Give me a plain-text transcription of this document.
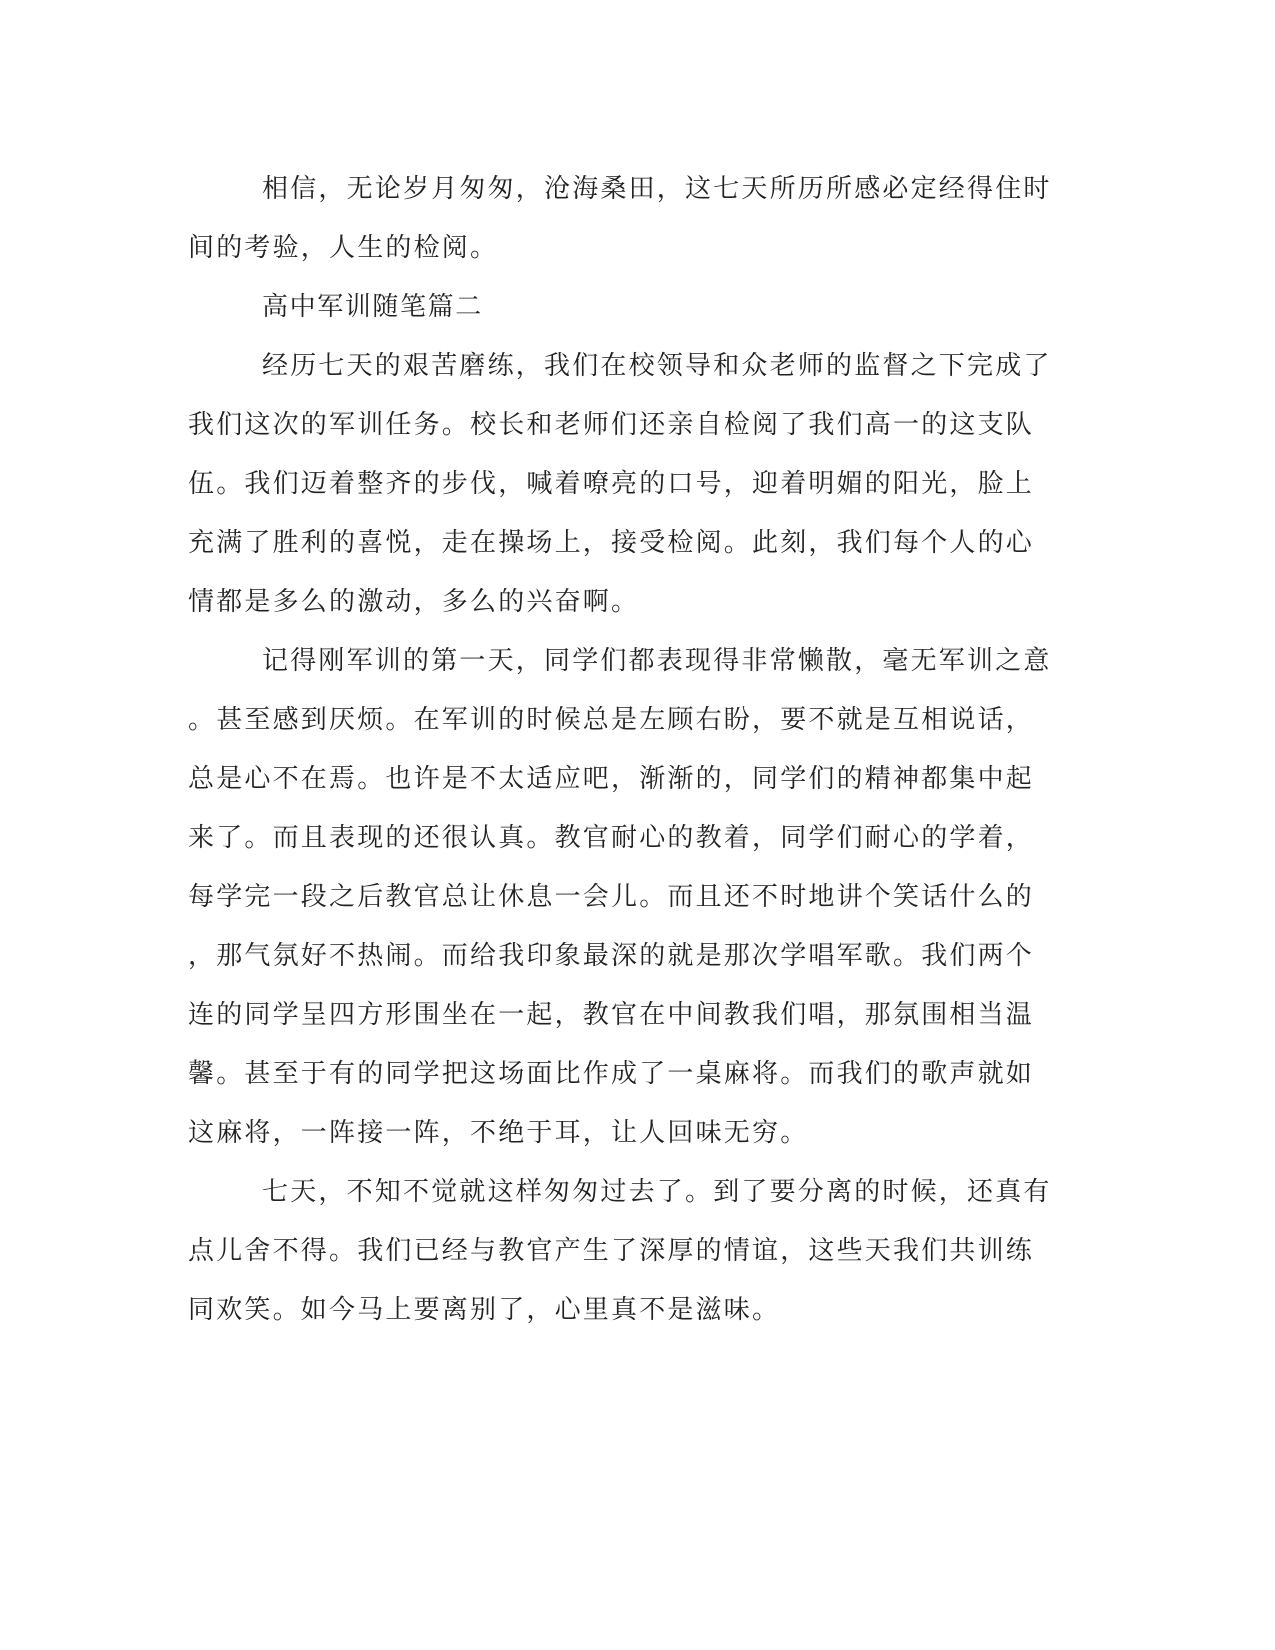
相信，无论岁月匆匆，沧海桑田，这七天所历所感必定经得住时
间的考验，人生的检阅。
高中军训随笔篇二
经历七天的艰苦磨练，我们在校领导和众老师的监督之下完成了
我们这次的军训任务。校长和老师们还亲自检阅了我们高一的这支队
伍。我们迈着整齐的步伐，喊着嘹亮的口号，迎着明媚的阳光，脸上
充满了胜利的喜悦，走在操场上，接受检阅。此刻，我们每个人的心
情都是多么的激动，多么的兴奋啊。
记得刚军训的第一天，同学们都表现得非常懒散，毫无军训之意
。甚至感到厌烦。在军训的时候总是左顾右盼，要不就是互相说话，
总是心不在焉。也许是不太适应吧，渐渐的，同学们的精神都集中起
来了。而且表现的还很认真。教官耐心的教着，同学们耐心的学着，
每学完一段之后教官总让休息一会儿。而且还不时地讲个笑话什么的
，那气氛好不热闹。而给我印象最深的就是那次学唱军歌。我们两个
连的同学呈四方形围坐在一起，教官在中间教我们唱，那氛围相当温
馨。甚至于有的同学把这场面比作成了一桌麻将。而我们的歌声就如
这麻将，一阵接一阵，不绝于耳，让人回味无穷。
七天，不知不觉就这样匆匆过去了。到了要分离的时候，还真有
点儿舍不得。我们已经与教官产生了深厚的情谊，这些天我们共训练
同欢笑。如今马上要离别了，心里真不是滋味。
